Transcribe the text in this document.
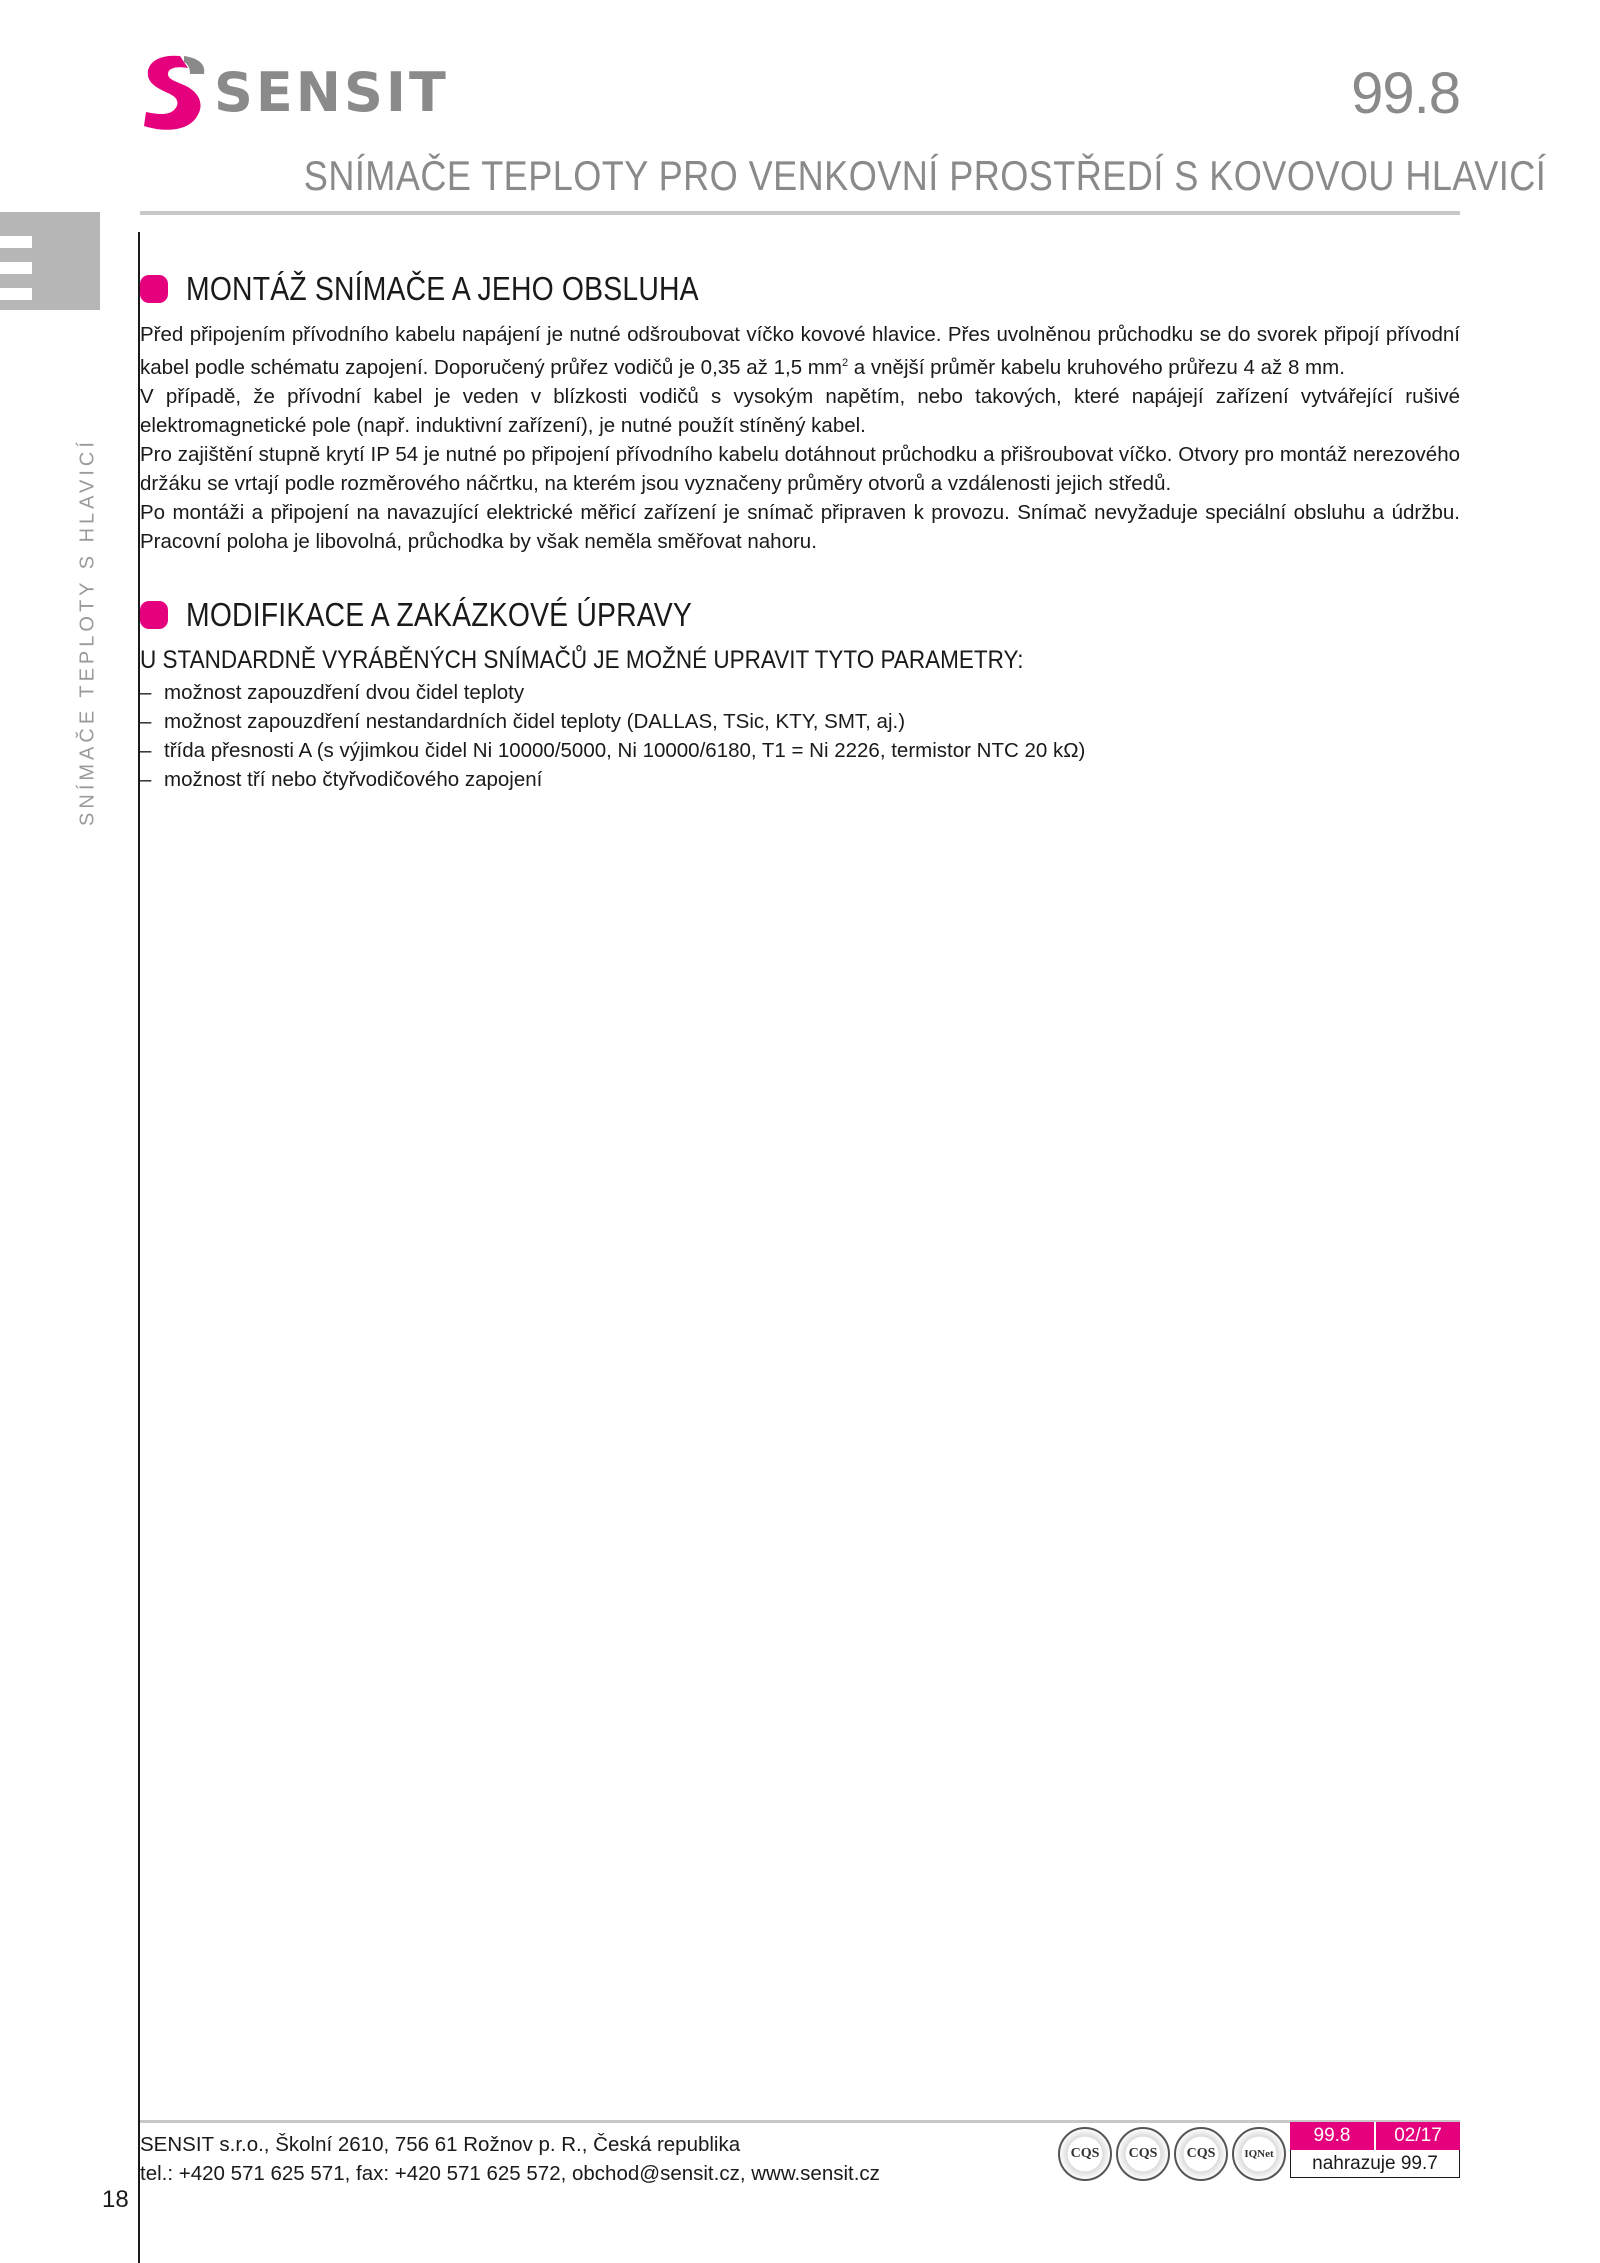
SENSIT	99.8
SNÍMAČE TEPLOTY PRO VENKOVNÍ PROSTŘEDÍ S KOVOVOU HLAVICÍ
SNÍMAČE TEPLOTY S HLAVICÍ
MONTÁŽ SNÍMAČE A JEHO OBSLUHA

Před připojením přívodního kabelu napájení je nutné odšroubovat víčko kovové hlavice. Přes uvolněnou průchodku se do svorek připojí přívodní kabel podle schématu zapojení. Doporučený průřez vodičů je 0,35 až 1,5 $mm^2$ a vnější průměr kabelu kruhového průřezu 4 až 8 mm.

V případě, že přívodní kabel je veden v blízkosti vodičů s vysokým napětím, nebo takových, které napájejí zařízení vytvářející rušivé elektromagnetické pole (např. induktivní zařízení), je nutné použít stíněný kabel.

Pro zajištění stupně krytí IP 54 je nutné po připojení přívodního kabelu dotáhnout průchodku a přišroubovat víčko. Otvory pro montáž nerezového držáku se vrtají podle rozměrového náčrtku, na kterém jsou vyznačeny průměry otvorů a vzdálenosti jejich středů.

Po montáži a připojení na navazující elektrické měřicí zařízení je snímač připraven k provozu. Snímač nevyžaduje speciální obsluhu a údržbu. Pracovní poloha je libovolná, průchodka by však neměla směřovat nahoru.

MODIFIKACE A ZAKÁZKOVÉ ÚPRAVY
U STANDARDNĚ VYRÁBĚNÝCH SNÍMAČŮ JE MOŽNÉ UPRAVIT TYTO PARAMETRY:
– možnost zapouzdření dvou čidel teploty
– možnost zapouzdření nestandardních čidel teploty (DALLAS, TSic, KTY, SMT, aj.)
– třída přesnosti A (s výjimkou čidel Ni 10000/5000, Ni 10000/6180, T1 = Ni 2226, termistor NTC 20 kΩ)
– možnost tří nebo čtyřvodičového zapojení
SENSIT s.r.o., Školní 2610, 756 61 Rožnov p. R., Česká republika
tel.: +420 571 625 571, fax: +420 571 625 572, obchod@sensit.cz, www.sensit.cz
18
CQS	CQS	CQS	IQNet
99.8	02/17
nahrazuje 99.7
